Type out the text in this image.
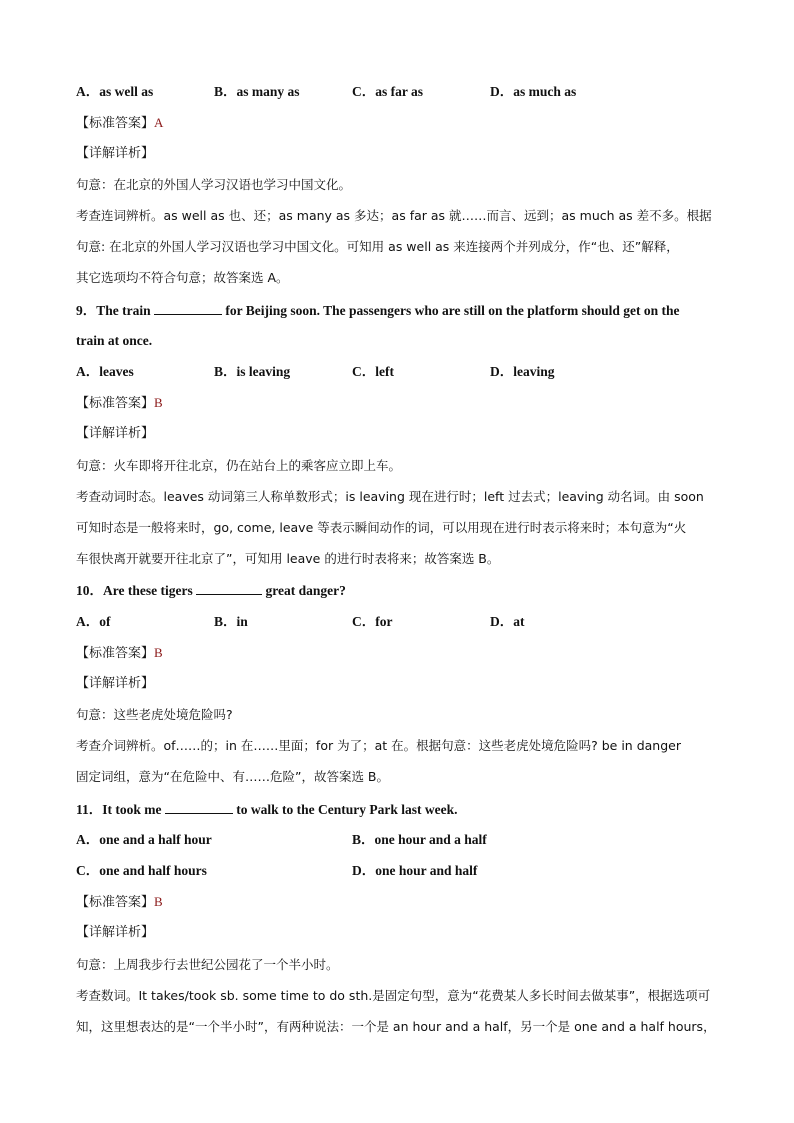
A．as well as	B．as many as	C．as far as	D．as much as
【标准答案】A
【详解详析】
句意：在北京的外国人学习汉语也学习中国文化。
考查连词辨析。as well as 也、还；as many as 多达；as far as 就……而言、远到；as much as 差不多。根据
句意: 在北京的外国人学习汉语也学习中国文化。可知用 as well as 来连接两个并列成分，作“也、还”解释，
其它选项均不符合句意；故答案选 A。
9．The train	for Beijing soon. The passengers who are still on the platform should get on the
train at once.
A．leaves	B．is leaving	C．left	D．leaving
【标准答案】B
【详解详析】
句意：火车即将开往北京，仍在站台上的乘客应立即上车。
考查动词时态。leaves 动词第三人称单数形式；is leaving 现在进行时；left 过去式；leaving 动名词。由 soon
可知时态是一般将来时，go, come, leave 等表示瞬间动作的词，可以用现在进行时表示将来时；本句意为“火
车很快离开就要开往北京了”，可知用 leave 的进行时表将来；故答案选 B。
10．Are these tigers	great danger?
A．of	B．in	C．for	D．at
【标准答案】B
【详解详析】
句意：这些老虎处境危险吗?
考查介词辨析。of……的；in 在……里面；for 为了；at 在。根据句意：这些老虎处境危险吗? be in danger
固定词组，意为“在危险中、有……危险”，故答案选 B。
11．It took me	to walk to the Century Park last week.
A．one and a half hour	B．one hour and a half
C．one and half hours	D．one hour and half
【标准答案】B
【详解详析】
句意：上周我步行去世纪公园花了一个半小时。
考查数词。It takes/took sb. some time to do sth.是固定句型，意为“花费某人多长时间去做某事”，根据选项可
知，这里想表达的是“一个半小时”，有两种说法：一个是 an hour and a half，另一个是 one and a half hours，
